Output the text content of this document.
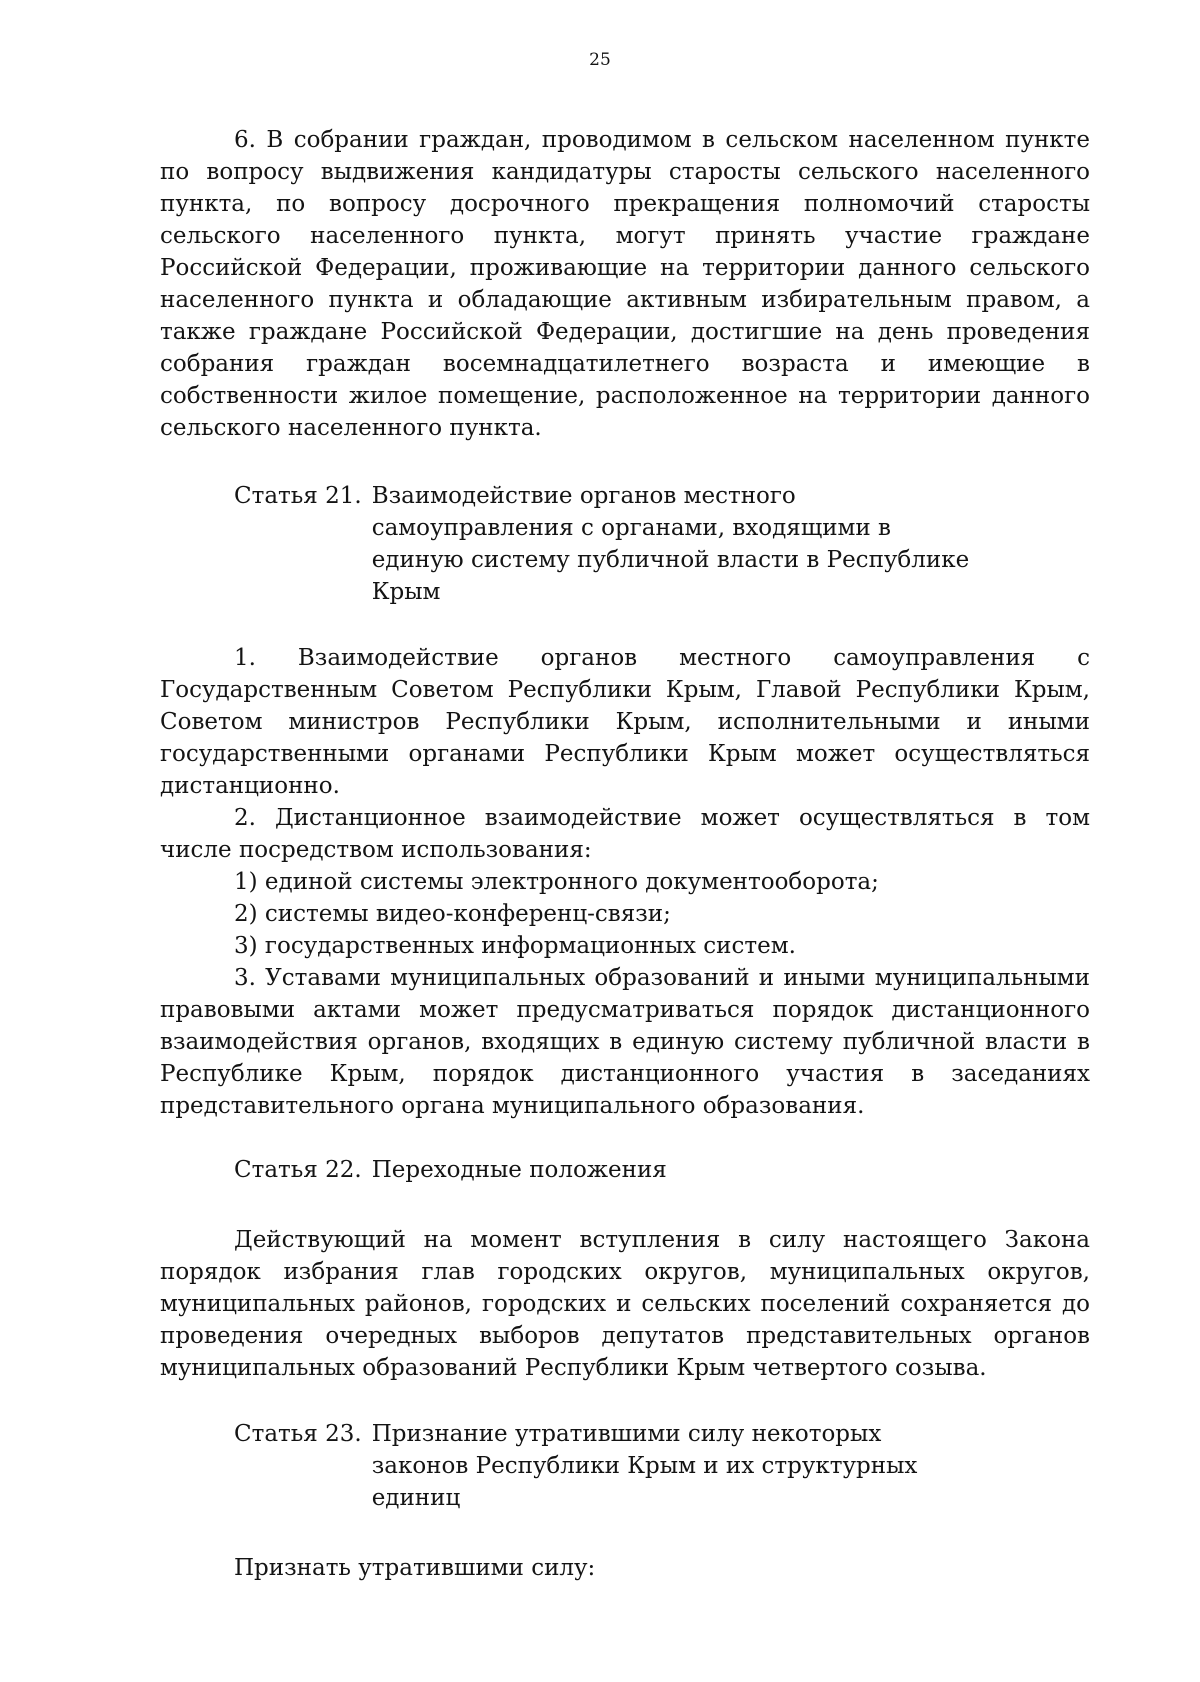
25

6. В собрании граждан, проводимом в сельском населенном пункте по вопросу выдвижения кандидатуры старосты сельского населенного пункта, по вопросу досрочного прекращения полномочий старосты сельского населенного пункта, могут принять участие граждане Российской Федерации, проживающие на территории данного сельского населенного пункта и обладающие активным избирательным правом, а также граждане Российской Федерации, достигшие на день проведения собрания граждан восемнадцатилетнего возраста и имеющие в собственности жилое помещение, расположенное на территории данного сельского населенного пункта.

Статья 21. Взаимодействие органов местного самоуправления с органами, входящими в единую систему публичной власти в Республике Крым

1. Взаимодействие органов местного самоуправления с Государственным Советом Республики Крым, Главой Республики Крым, Советом министров Республики Крым, исполнительными и иными государственными органами Республики Крым может осуществляться дистанционно.

2. Дистанционное взаимодействие может осуществляться в том числе посредством использования:

1) единой системы электронного документооборота;

2) системы видео-конференц-связи;

3) государственных информационных систем.

3. Уставами муниципальных образований и иными муниципальными правовыми актами может предусматриваться порядок дистанционного взаимодействия органов, входящих в единую систему публичной власти в Республике Крым, порядок дистанционного участия в заседаниях представительного органа муниципального образования.

Статья 22. Переходные положения

Действующий на момент вступления в силу настоящего Закона порядок избрания глав городских округов, муниципальных округов, муниципальных районов, городских и сельских поселений сохраняется до проведения очередных выборов депутатов представительных органов муниципальных образований Республики Крым четвертого созыва.

Статья 23. Признание утратившими силу некоторых законов Республики Крым и их структурных единиц

Признать утратившими силу:
